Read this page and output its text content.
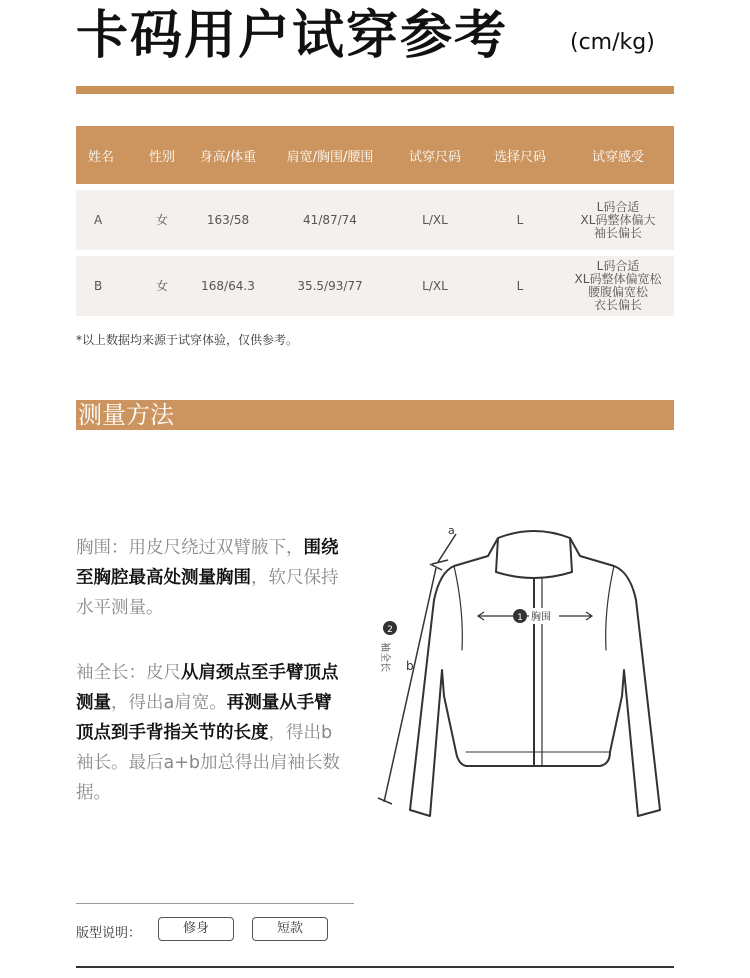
卡码用户试穿参考	(cm/kg)
姓名	性别	身高/体重	肩宽/胸围/腰围	试穿尺码	选择尺码	试穿感受
A	女	163/58	41/87/74	L/XL	L	L码合适
XL码整体偏大
袖长偏长

B	女	168/64.3	35.5/93/77	L/XL	L	L码合适
XL码整体偏宽松
腰腹偏宽松
衣长偏长
*以上数据均来源于试穿体验，仅供参考。
测量方法
胸围：用皮尺绕过双臂腋下，围绕至胸腔最高处测量胸围，软尺保持水平测量。
袖全长：皮尺从肩颈点至手臂顶点测量，得出a肩宽。再测量从手臂顶点到手背指关节的长度，得出b袖长。最后a+b加总得出肩袖长数据。
a
b
1 胸围
2
袖全长
版型说明：	修身	短款
